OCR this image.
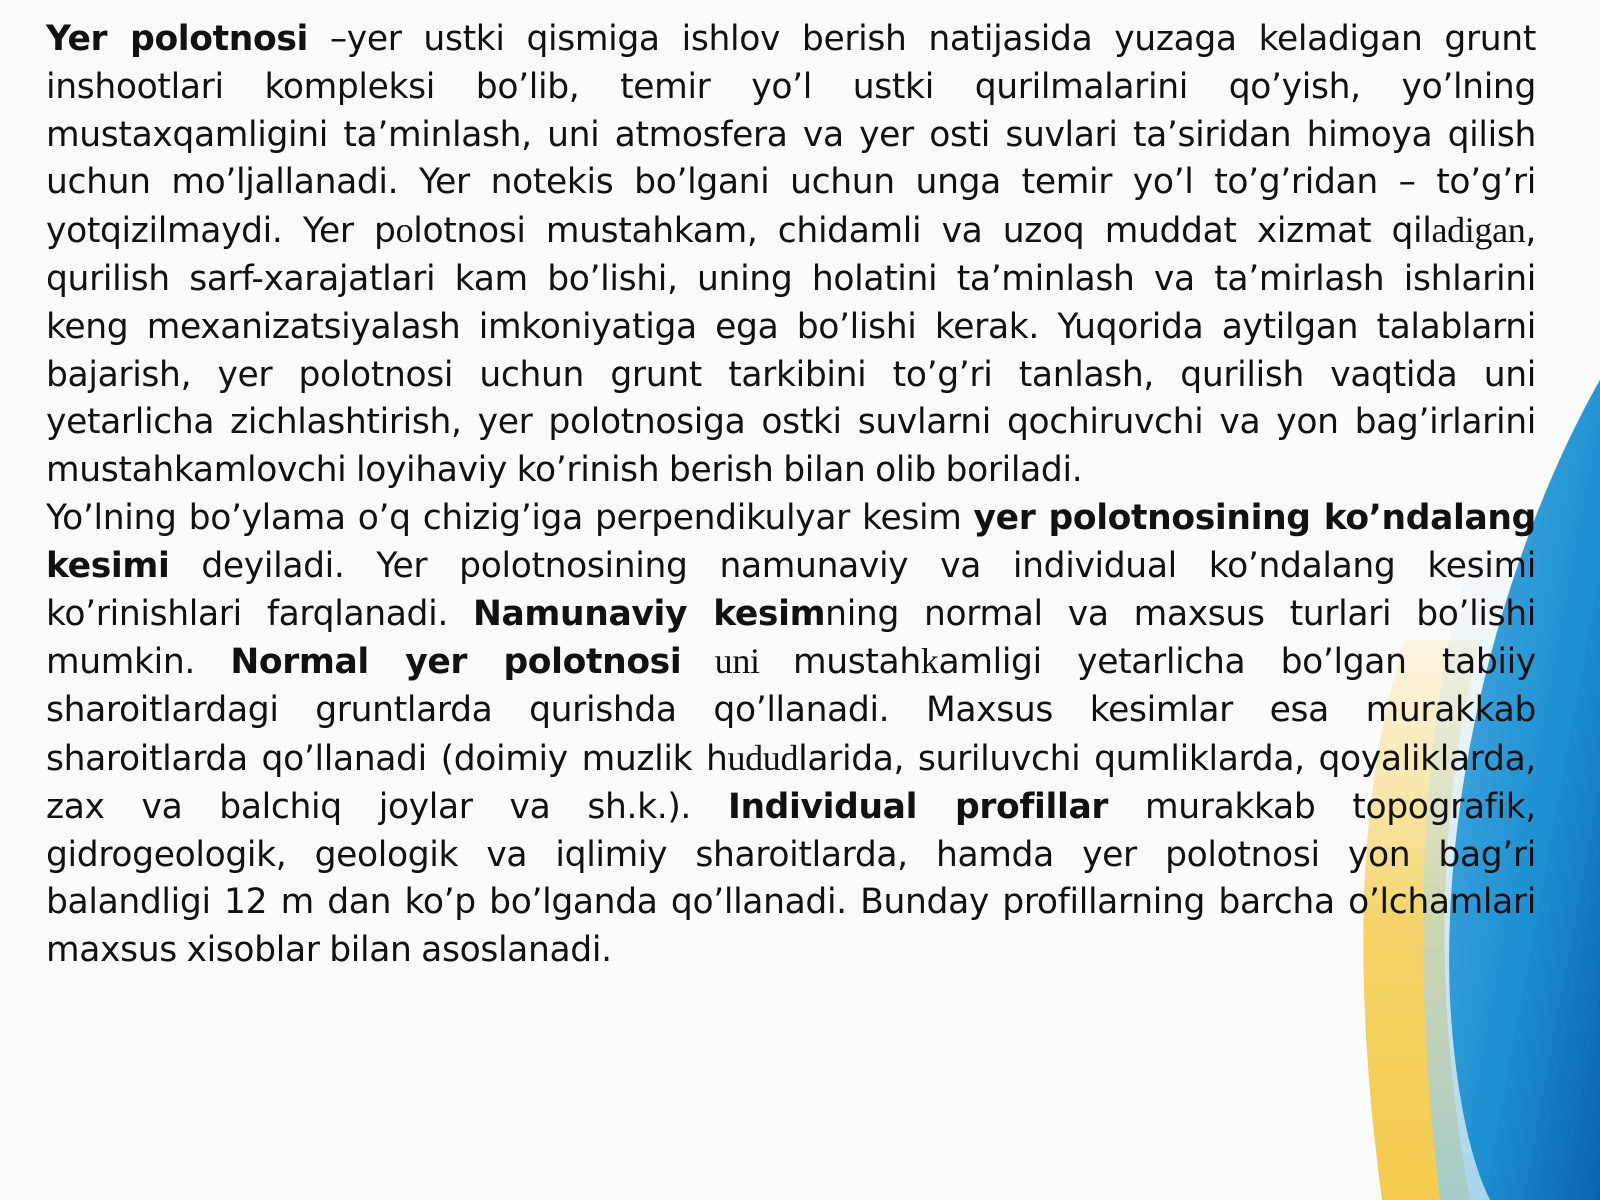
Yer polotnosi –yer ustki qismiga ishlov berish natijasida yuzaga keladigan grunt inshootlari kompleksi bo’lib, temir yo’l ustki qurilmalarini qo’yish, yo’lning mustaxqamligini ta’minlash, uni atmosfera va yer osti suvlari ta’siridan himoya qilish uchun mo’ljallanadi. Yer notekis bo’lgani uchun unga temir yo’l to’g’ridan – to’g’ri yotqizilmaydi. Yer polotnosi mustahkam, chidamli va uzoq muddat xizmat qiladigan, qurilish sarf-xarajatlari kam bo’lishi, uning holatini ta’minlash va ta’mirlash ishlarini keng mexanizatsiyalash imkoniyatiga ega bo’lishi kerak. Yuqorida aytilgan talablarni bajarish, yer polotnosi uchun grunt tarkibini to’g’ri tanlash, qurilish vaqtida uni yetarlicha zichlashtirish, yer polotnosiga ostki suvlarni qochiruvchi va yon bag’irlarini mustahkamlovchi loyihaviy ko’rinish berish bilan olib boriladi.

Yo’lning bo’ylama o’q chizig’iga perpendikulyar kesim yer polotnosining ko’ndalang kesimi deyiladi. Yer polotnosining namunaviy va individual ko’ndalang kesimi ko’rinishlari farqlanadi. Namunaviy kesimning normal va maxsus turlari bo’lishi mumkin. Normal yer polotnosi uni mustahkamligi yetarlicha bo’lgan tabiiy sharoitlardagi gruntlarda qurishda qo’llanadi. Maxsus kesimlar esa murakkab sharoitlarda qo’llanadi (doimiy muzlik hududlarida, suriluvchi qumliklarda, qoyaliklarda, zax va balchiq joylar va sh.k.). Individual profillar murakkab topografik, gidrogeologik, geologik va iqlimiy sharoitlarda, hamda yer polotnosi yon bag’ri balandligi 12 m dan ko’p bo’lganda qo’llanadi. Bunday profillarning barcha o’lchamlari maxsus xisoblar bilan asoslanadi.
